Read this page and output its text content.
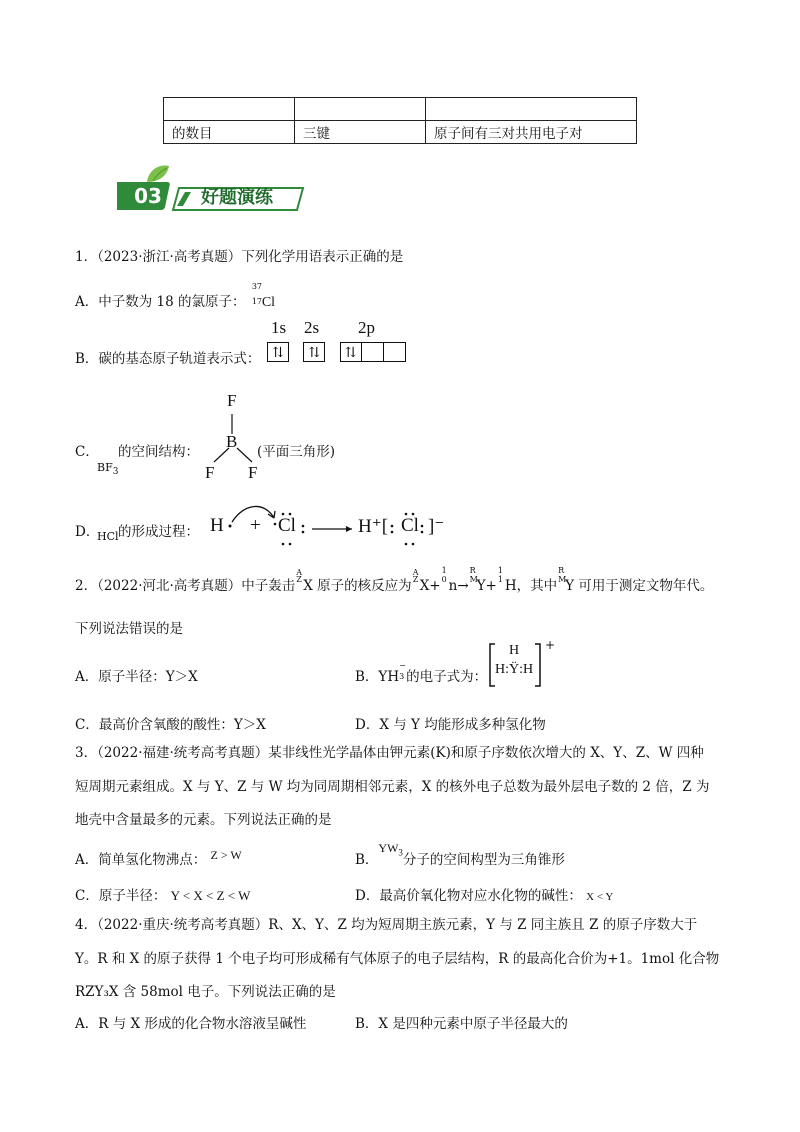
的数目	三键	原子间有三对共用电子对
03	好题演练
1．（2023·浙江·高考真题）下列化学用语表示正确的是
A．中子数为 18 的氯原子：
37
17 Cl
B．碳的基态原子轨道表示式：
1s 2s 2p
⇅
	⇅
	⇅
C． 的空间结构：
$BF_3$
F
B
F F
(平面三角形)
D．
HCl 的形成过程： H + Cl	H⁺[ Cl ]⁻
2．（2022·河北·高考真题）中子轰击
A
Z X 原子的核反应为
A
Z X+
1
0 n→
R
M
Y+
1
1 H，其中
R
M
Y 可用于测定文物年代。
下列说法错误的是
A．原子半径：Y＞X	B．YH
−
3 的电子式为：
H
H:Ÿ:H
+
C．最高价含氧酸的酸性：Y＞X	D．X 与 Y 均能形成多种氢化物
3．（2022·福建·统考高考真题）某非线性光学晶体由钾元素(K)和原子序数依次增大的 X、Y、Z、W 四种
短周期元素组成。X 与 Y、Z 与 W 均为同周期相邻元素，X 的核外电子总数为最外层电子数的 2 倍，Z 为
地壳中含量最多的元素。下列说法正确的是
A．简单氢化物沸点： Z > W	B．$YW_3$分子的空间构型为三角锥形
C．原子半径： Y < X < Z < W	D．最高价氧化物对应水化物的碱性： X < Y
4．（2022·重庆·统考高考真题）R、X、Y、Z 均为短周期主族元素，Y 与 Z 同主族且 Z 的原子序数大于
Y。R 和 X 的原子获得 1 个电子均可形成稀有气体原子的电子层结构，R 的最高化合价为+1。1mol 化合物
RZY₃X 含 58mol 电子。下列说法正确的是
A．R 与 X 形成的化合物水溶液呈碱性	B．X 是四种元素中原子半径最大的
